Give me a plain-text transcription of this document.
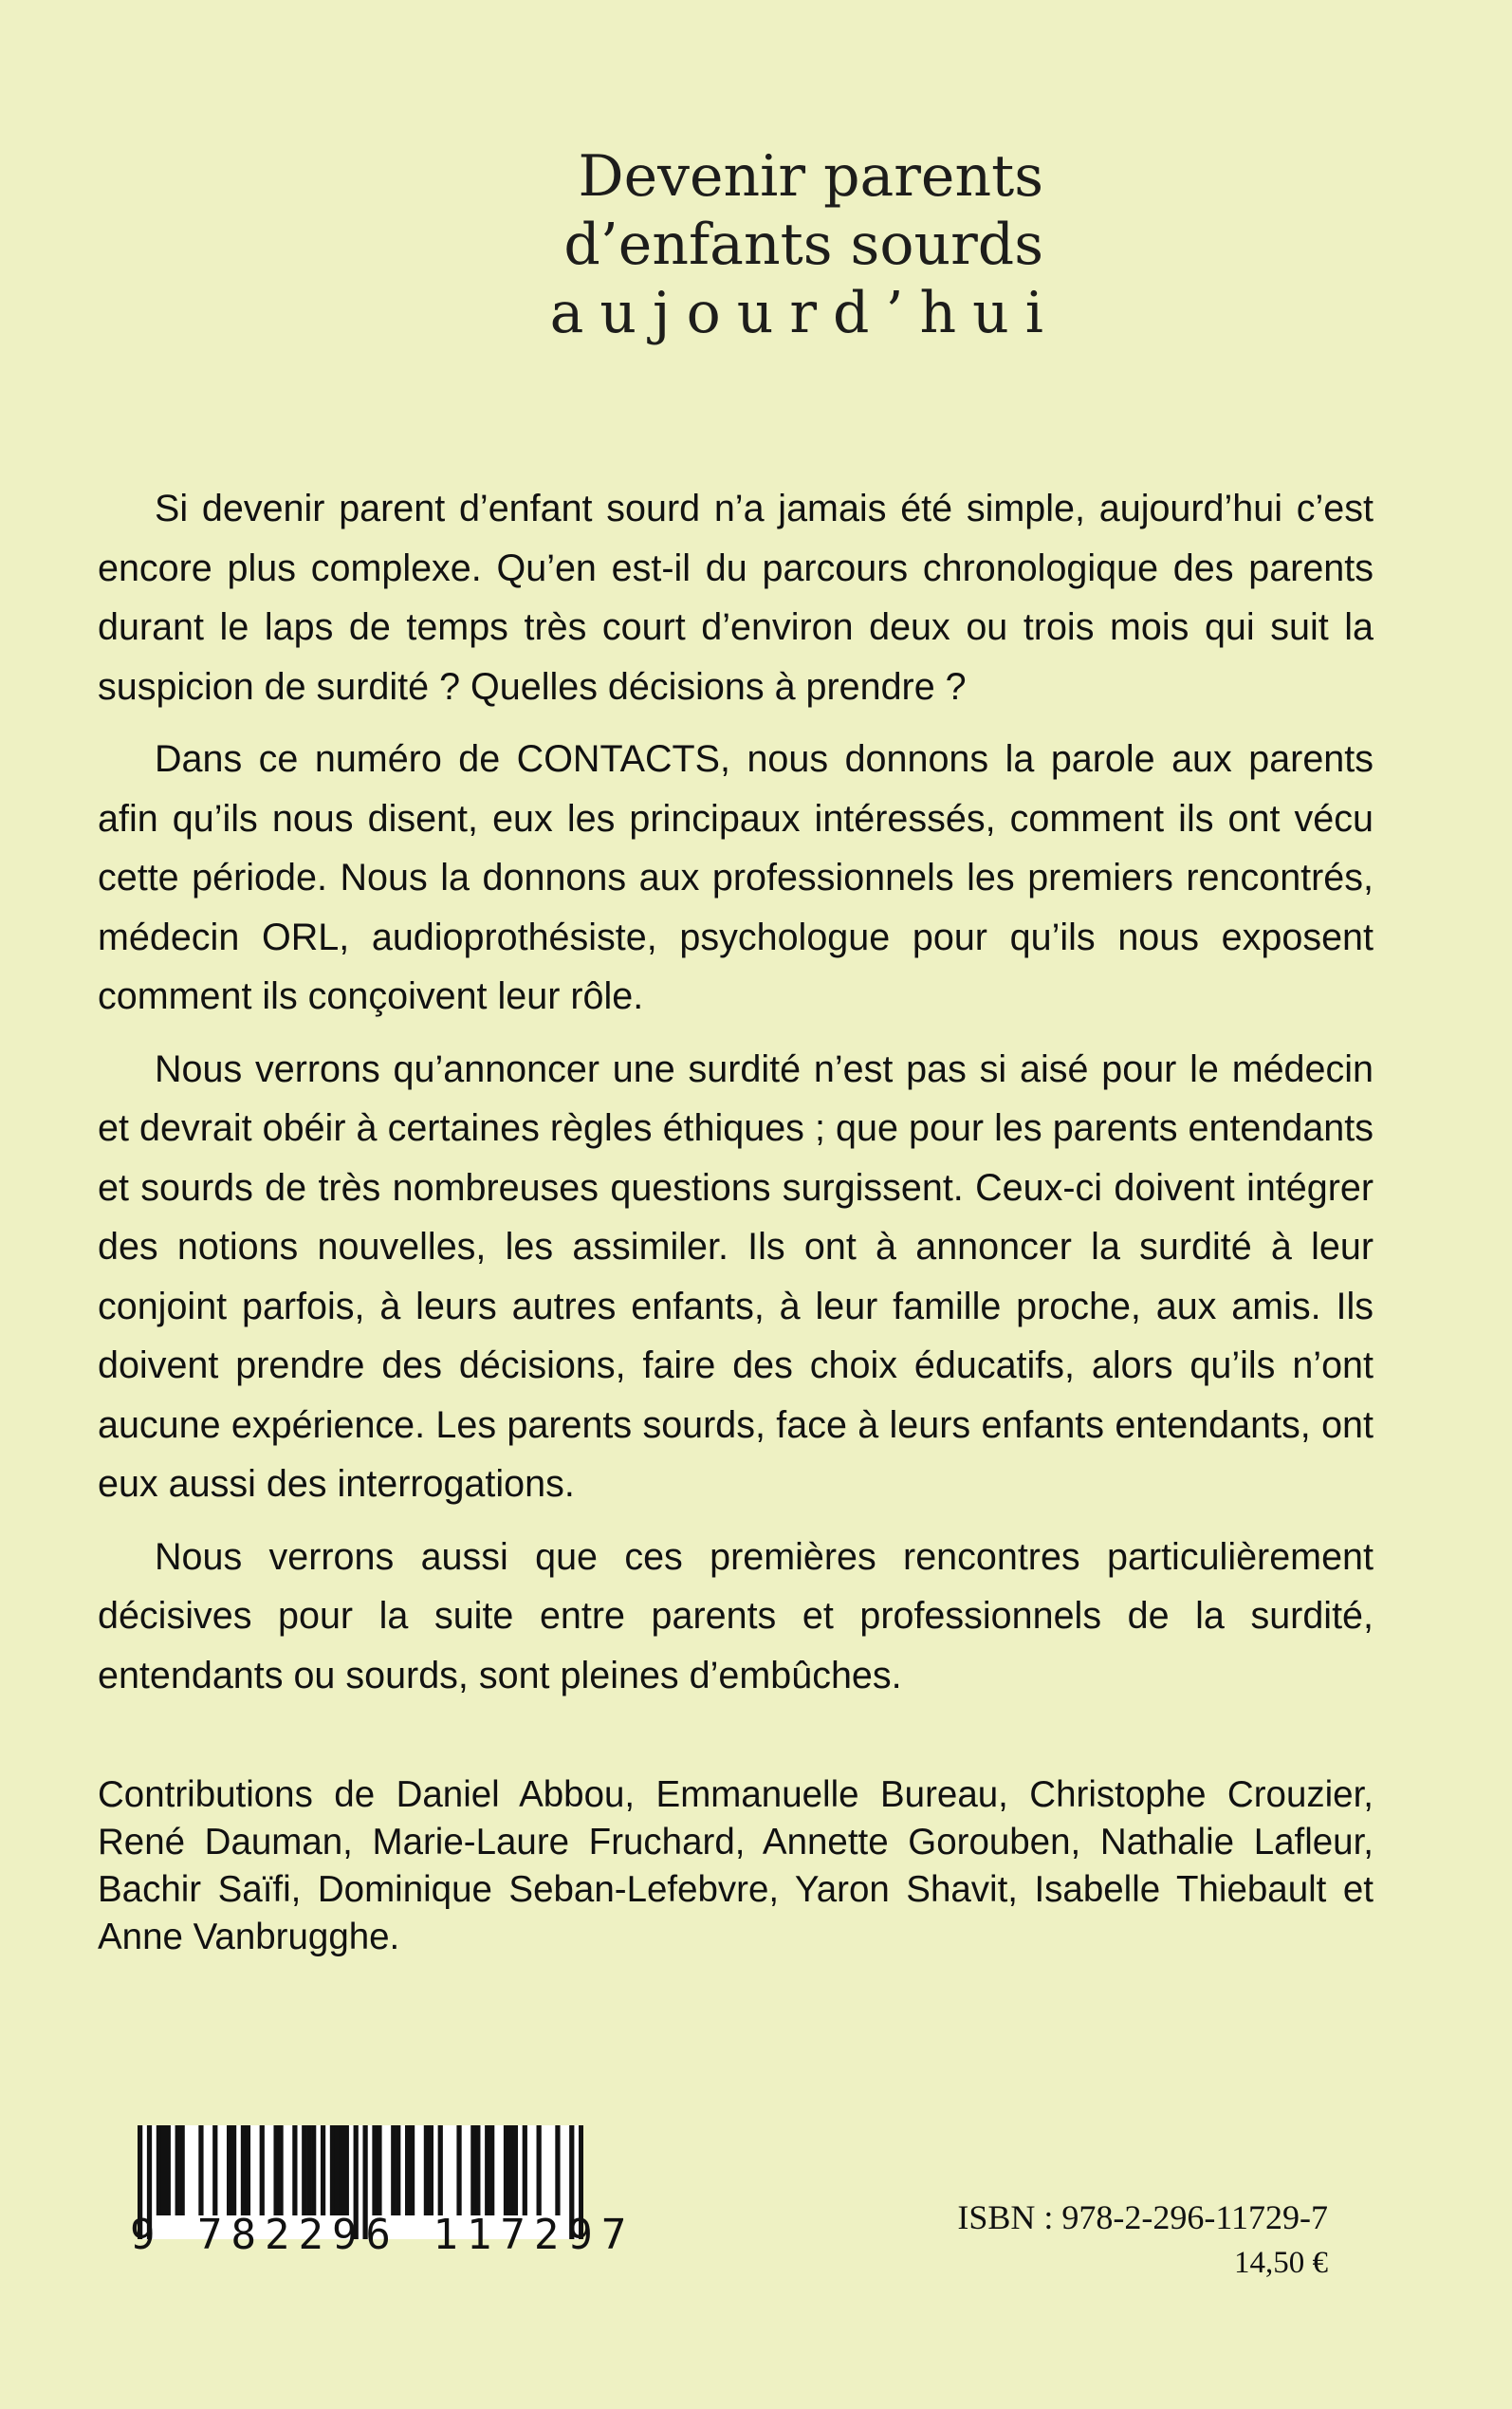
Devenir parents
d’enfants sourds
aujourd’hui

Si devenir parent d’enfant sourd n’a jamais été simple, aujourd’hui c’est encore plus complexe. Qu’en est-il du parcours chronologique des parents durant le laps de temps très court d’environ deux ou trois mois qui suit la suspicion de surdité ? Quelles décisions à prendre ?

Dans ce numéro de CONTACTS, nous donnons la parole aux parents afin qu’ils nous disent, eux les principaux intéressés, comment ils ont vécu cette période. Nous la donnons aux professionnels les premiers rencontrés, médecin ORL, audioprothésiste, psychologue pour qu’ils nous exposent comment ils conçoivent leur rôle.

Nous verrons qu’annoncer une surdité n’est pas si aisé pour le médecin et devrait obéir à certaines règles éthiques ; que pour les parents entendants et sourds de très nombreuses questions surgissent. Ceux-ci doivent intégrer des notions nouvelles, les assimiler. Ils ont à annoncer la surdité à leur conjoint parfois, à leurs autres enfants, à leur famille proche, aux amis. Ils doivent prendre des décisions, faire des choix éducatifs, alors qu’ils n’ont aucune expérience. Les parents sourds, face à leurs enfants entendants, ont eux aussi des interrogations.

Nous verrons aussi que ces premières rencontres particulièrement décisives pour la suite entre parents et professionnels de la surdité, entendants ou sourds, sont pleines d’embûches.

Contributions de Daniel Abbou, Emmanuelle Bureau, Christophe Crouzier, René Dauman, Marie-Laure Fruchard, Annette Gorouben, Nathalie Lafleur, Bachir Saïfi, Dominique Seban-Lefebvre, Yaron Shavit, Isabelle Thiebault et Anne Vanbrugghe.

9 782296 117297	ISBN : 978-2-296-11729-7
14,50 €
